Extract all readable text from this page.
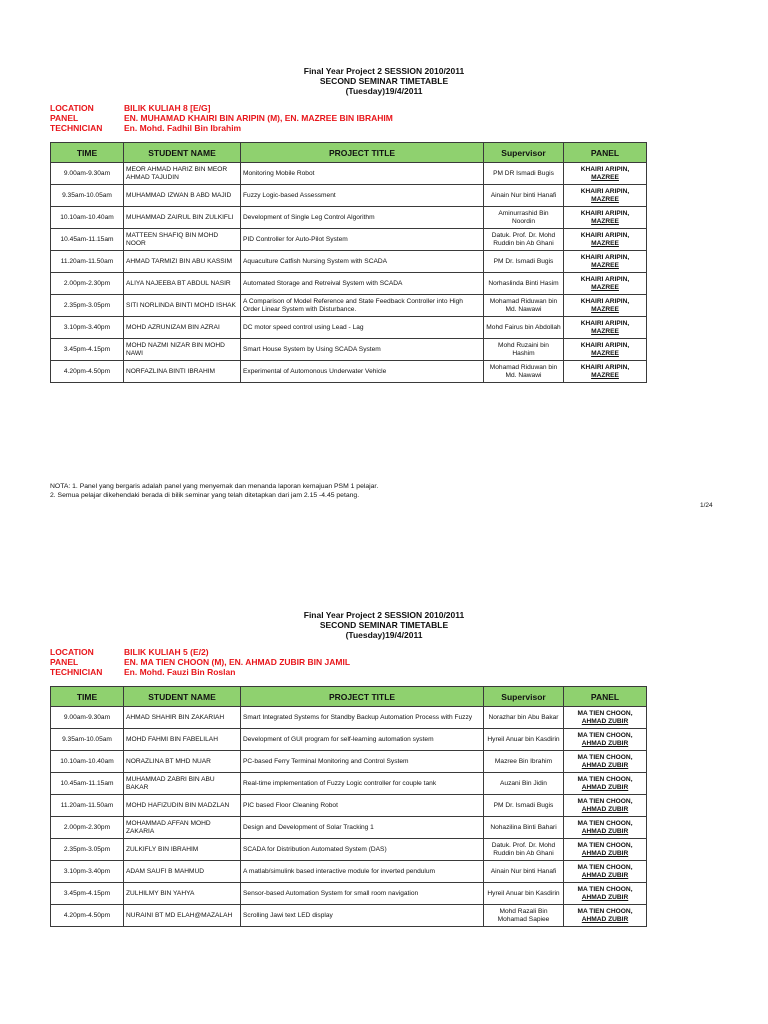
Final Year Project 2 SESSION 2010/2011
SECOND SEMINAR TIMETABLE
(Tuesday)19/4/2011
LOCATION	BILIK KULIAH 8 [E/G]
PANEL	EN. MUHAMAD KHAIRI BIN ARIPIN (M), EN. MAZREE BIN IBRAHIM
TECHNICIAN	En. Mohd. Fadhil Bin Ibrahim
TIME	STUDENT NAME	PROJECT TITLE	Supervisor	PANEL
9.00am-9.30am	MEOR AHMAD HARIZ BIN MEOR AHMAD TAJUDIN	Monitoring Mobile Robot	PM DR Ismadi Bugis	KHAIRI ARIPIN,
MAZREE

9.35am-10.05am	MUHAMMAD IZWAN B ABD MAJID	Fuzzy Logic-based Assessment	Ainain Nur binti Hanafi	KHAIRI ARIPIN,
MAZREE

10.10am-10.40am	MUHAMMAD ZAIRUL BIN ZULKIFLI	Development of Single Leg Control Algorithm	Aminurrashid Bin Noordin	KHAIRI ARIPIN,
MAZREE

10.45am-11.15am	MATTEEN SHAFIQ BIN MOHD NOOR	PID Controller for Auto-Pilot System	Datuk. Prof. Dr. Mohd Ruddin bin Ab Ghani	KHAIRI ARIPIN,
MAZREE

11.20am-11.50am	AHMAD TARMIZI BIN ABU KASSIM	Aquaculture Catfish Nursing System with SCADA	PM Dr. Ismadi Bugis	KHAIRI ARIPIN,
MAZREE

2.00pm-2.30pm	ALIYA NAJEEBA BT ABDUL NASIR	Automated Storage and Retreival System with SCADA	Norhaslinda Binti Hasim	KHAIRI ARIPIN,
MAZREE

2.35pm-3.05pm	SITI NORLINDA BINTI MOHD ISHAK	A Comparison of Model Reference and State Feedback Controller into High Order Linear System with Disturbance.	Mohamad Riduwan bin Md. Nawawi	KHAIRI ARIPIN,
MAZREE

3.10pm-3.40pm	MOHD AZRUNIZAM BIN AZRAI	DC motor speed control using Lead - Lag	Mohd Fairus bin Abdollah	KHAIRI ARIPIN,
MAZREE

3.45pm-4.15pm	MOHD NAZMI NIZAR BIN MOHD NAWI	Smart House System by Using SCADA System	Mohd Ruzaini bin Hashim	KHAIRI ARIPIN,
MAZREE

4.20pm-4.50pm	NORFAZLINA BINTI IBRAHIM	Experimental of Automonous Underwater Vehicle	Mohamad Riduwan bin Md. Nawawi	KHAIRI ARIPIN,
MAZREE
NOTA: 1. Panel yang bergaris adalah panel yang menyemak dan menanda laporan kemajuan PSM 1 pelajar.
2. Semua pelajar dikehendaki berada di bilik seminar yang telah ditetapkan dari jam 2.15 -4.45 petang.
1/24
Final Year Project 2 SESSION 2010/2011
SECOND SEMINAR TIMETABLE
(Tuesday)19/4/2011
LOCATION	BILIK KULIAH 5 (E/2)
PANEL	EN. MA TIEN CHOON (M), EN. AHMAD ZUBIR BIN JAMIL
TECHNICIAN	En. Mohd. Fauzi Bin Roslan
TIME	STUDENT NAME	PROJECT TITLE	Supervisor	PANEL
9.00am-9.30am	AHMAD SHAHIR BIN ZAKARIAH	Smart Integrated Systems for Standby Backup Automation Process with Fuzzy	Norazhar bin Abu Bakar	MA TIEN CHOON,
AHMAD ZUBIR

9.35am-10.05am	MOHD FAHMI BIN FABELILAH	Development of GUI program for self-learning automation system	Hyreil Anuar bin Kasdirin	MA TIEN CHOON,
AHMAD ZUBIR

10.10am-10.40am	NORAZLINA BT MHD NUAR	PC-based Ferry Terminal Monitoring and Control System	Mazree Bin Ibrahim	MA TIEN CHOON,
AHMAD ZUBIR

10.45am-11.15am	MUHAMMAD ZABRI BIN ABU BAKAR	Real-time implementation of Fuzzy Logic controller for couple tank	Auzani Bin Jidin	MA TIEN CHOON,
AHMAD ZUBIR

11.20am-11.50am	MOHD HAFIZUDIN BIN MADZLAN	PIC based Floor Cleaning Robot	PM Dr. Ismadi Bugis	MA TIEN CHOON,
AHMAD ZUBIR

2.00pm-2.30pm	MOHAMMAD AFFAN MOHD ZAKARIA	Design and Development of Solar Tracking 1	Nohazilina Binti Bahari	MA TIEN CHOON,
AHMAD ZUBIR

2.35pm-3.05pm	ZULKIFLY BIN IBRAHIM	SCADA for Distribution Automated System (DAS)	Datuk. Prof. Dr. Mohd Ruddin bin Ab Ghani	MA TIEN CHOON,
AHMAD ZUBIR

3.10pm-3.40pm	ADAM SAUFI B MAHMUD	A matlab/simulink based interactive module for inverted pendulum	Ainain Nur binti Hanafi	MA TIEN CHOON,
AHMAD ZUBIR

3.45pm-4.15pm	ZULHILMY BIN YAHYA	Sensor-based Automation System for small room navigation	Hyreil Anuar bin Kasdirin	MA TIEN CHOON,
AHMAD ZUBIR

4.20pm-4.50pm	NURAINI BT MD ELAH@MAZALAH	Scrolling Jawi text LED display	Mohd Razali Bin Mohamad Sapiee	MA TIEN CHOON,
AHMAD ZUBIR
